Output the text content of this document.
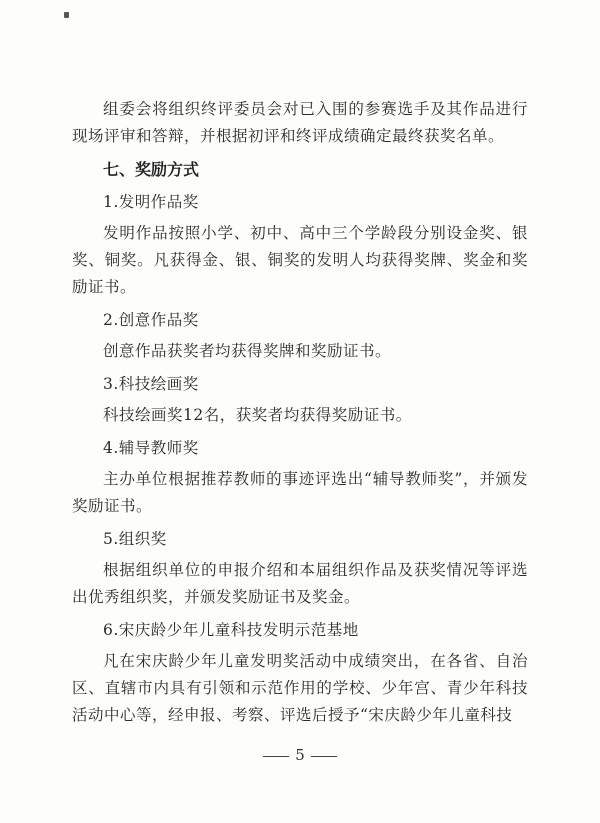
组委会将组织终评委员会对已入围的参赛选手及其作品进行现场评审和答辩，并根据初评和终评成绩确定最终获奖名单。

七、奖励方式

1.发明作品奖

发明作品按照小学、初中、高中三个学龄段分别设金奖、银奖、铜奖。凡获得金、银、铜奖的发明人均获得奖牌、奖金和奖励证书。

2.创意作品奖

创意作品获奖者均获得奖牌和奖励证书。

3.科技绘画奖

科技绘画奖12名，获奖者均获得奖励证书。

4.辅导教师奖

主办单位根据推荐教师的事迹评选出“辅导教师奖”，并颁发奖励证书。

5.组织奖

根据组织单位的申报介绍和本届组织作品及获奖情况等评选出优秀组织奖，并颁发奖励证书及奖金。

6.宋庆龄少年儿童科技发明示范基地

凡在宋庆龄少年儿童发明奖活动中成绩突出，在各省、自治区、直辖市内具有引领和示范作用的学校、少年宫、青少年科技活动中心等，经申报、考察、评选后授予“宋庆龄少年儿童科技

5
